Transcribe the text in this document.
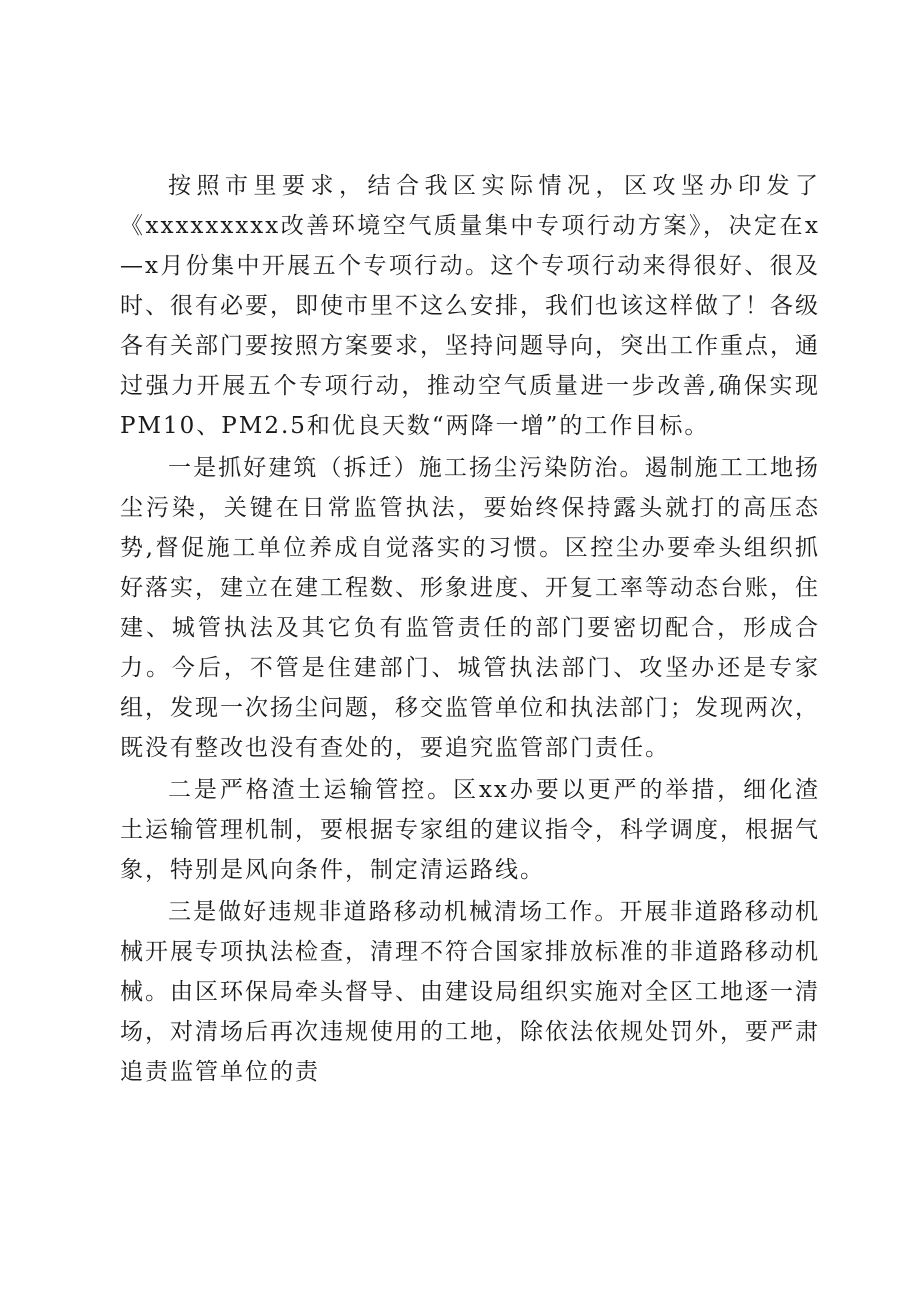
按照市里要求，结合我区实际情况，区攻坚办印发了《xxxxxxxxx改善环境空气质量集中专项行动方案》，决定在x—x月份集中开展五个专项行动。这个专项行动来得很好、很及时、很有必要，即使市里不这么安排，我们也该这样做了！各级各有关部门要按照方案要求，坚持问题导向，突出工作重点，通过强力开展五个专项行动，推动空气质量进一步改善,确保实现PM10、PM2.5和优良天数“两降一增”的工作目标。

一是抓好建筑（拆迁）施工扬尘污染防治。遏制施工工地扬尘污染，关键在日常监管执法，要始终保持露头就打的高压态势,督促施工单位养成自觉落实的习惯。区控尘办要牵头组织抓好落实，建立在建工程数、形象进度、开复工率等动态台账，住建、城管执法及其它负有监管责任的部门要密切配合，形成合力。今后，不管是住建部门、城管执法部门、攻坚办还是专家组，发现一次扬尘问题，移交监管单位和执法部门；发现两次，既没有整改也没有查处的，要追究监管部门责任。

二是严格渣土运输管控。区xx办要以更严的举措，细化渣土运输管理机制，要根据专家组的建议指令，科学调度，根据气象，特别是风向条件，制定清运路线。

三是做好违规非道路移动机械清场工作。开展非道路移动机械开展专项执法检查，清理不符合国家排放标准的非道路移动机械。由区环保局牵头督导、由建设局组织实施对全区工地逐一清场，对清场后再次违规使用的工地，除依法依规处罚外，要严肃追责监管单位的责
